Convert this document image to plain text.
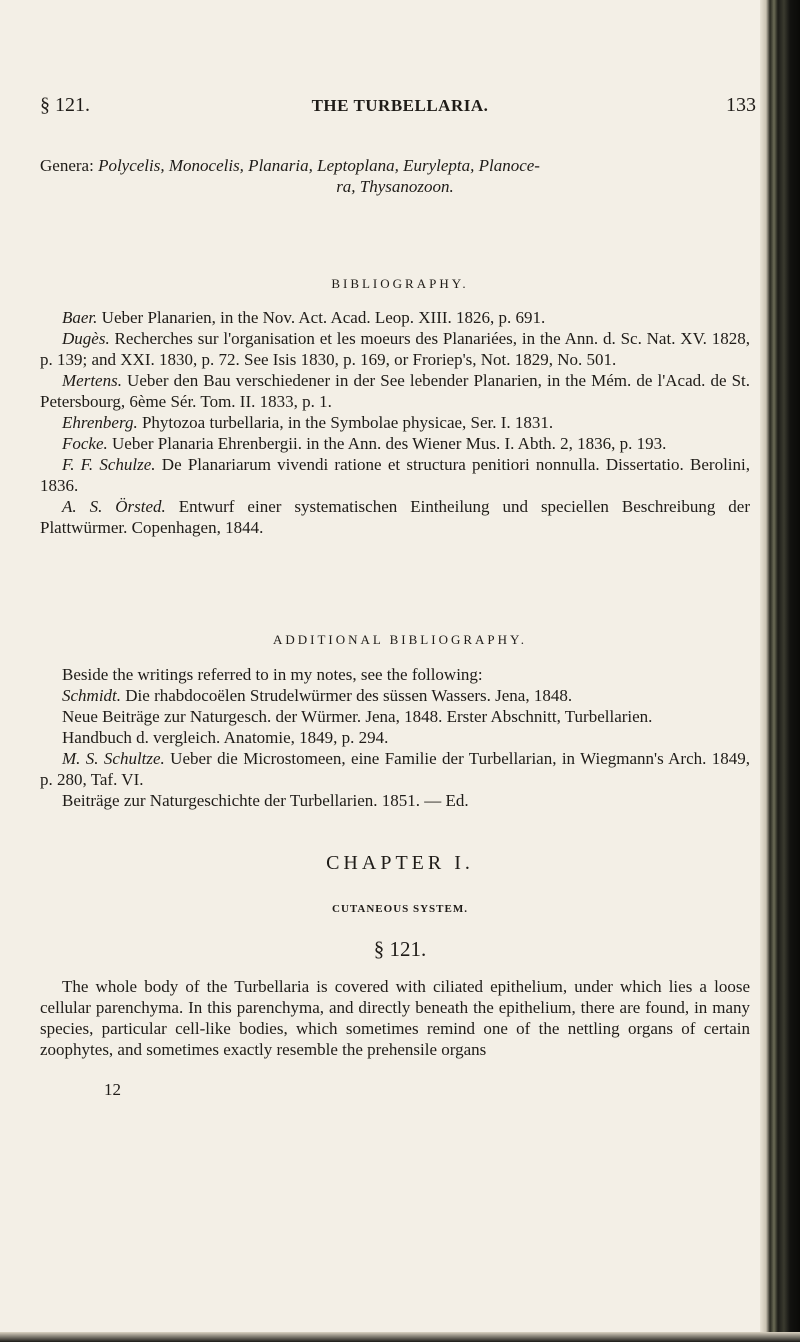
§ 121.	THE TURBELLARIA.	133

Genera: Polycelis, Monocelis, Planaria, Leptoplana, Eurylepta, Planoce-

ra, Thysanozoon.
BIBLIOGRAPHY.

Baer. Ueber Planarien, in the Nov. Act. Acad. Leop. XIII. 1826, p. 691.

Dugès. Recherches sur l'organisation et les moeurs des Planariées, in the Ann. d. Sc. Nat. XV. 1828, p. 139; and XXI. 1830, p. 72. See Isis 1830, p. 169, or Froriep's, Not. 1829, No. 501.

Mertens. Ueber den Bau verschiedener in der See lebender Planarien, in the Mém. de l'Acad. de St. Petersbourg, 6ème Sér. Tom. II. 1833, p. 1.

Ehrenberg. Phytozoa turbellaria, in the Symbolae physicae, Ser. I. 1831.

Focke. Ueber Planaria Ehrenbergii. in the Ann. des Wiener Mus. I. Abth. 2, 1836, p. 193.

F. F. Schulze. De Planariarum vivendi ratione et structura penitiori nonnulla. Dissertatio. Berolini, 1836.

A. S. Örsted. Entwurf einer systematischen Eintheilung und speciellen Beschreibung der Plattwürmer. Copenhagen, 1844.

ADDITIONAL BIBLIOGRAPHY.

Beside the writings referred to in my notes, see the following:

Schmidt. Die rhabdocoëlen Strudelwürmer des süssen Wassers. Jena, 1848.

Neue Beiträge zur Naturgesch. der Würmer. Jena, 1848. Erster Abschnitt, Turbellarien.

Handbuch d. vergleich. Anatomie, 1849, p. 294.

M. S. Schultze. Ueber die Microstomeen, eine Familie der Turbellarian, in Wiegmann's Arch. 1849, p. 280, Taf. VI.

Beiträge zur Naturgeschichte der Turbellarien. 1851. — Ed.

CHAPTER I.
CUTANEOUS SYSTEM.
§ 121.

The whole body of the Turbellaria is covered with ciliated epithelium, under which lies a loose cellular parenchyma. In this parenchyma, and directly beneath the epithelium, there are found, in many species, particular cell-like bodies, which sometimes remind one of the nettling organs of certain zoophytes, and sometimes exactly resemble the prehensile organs

12
